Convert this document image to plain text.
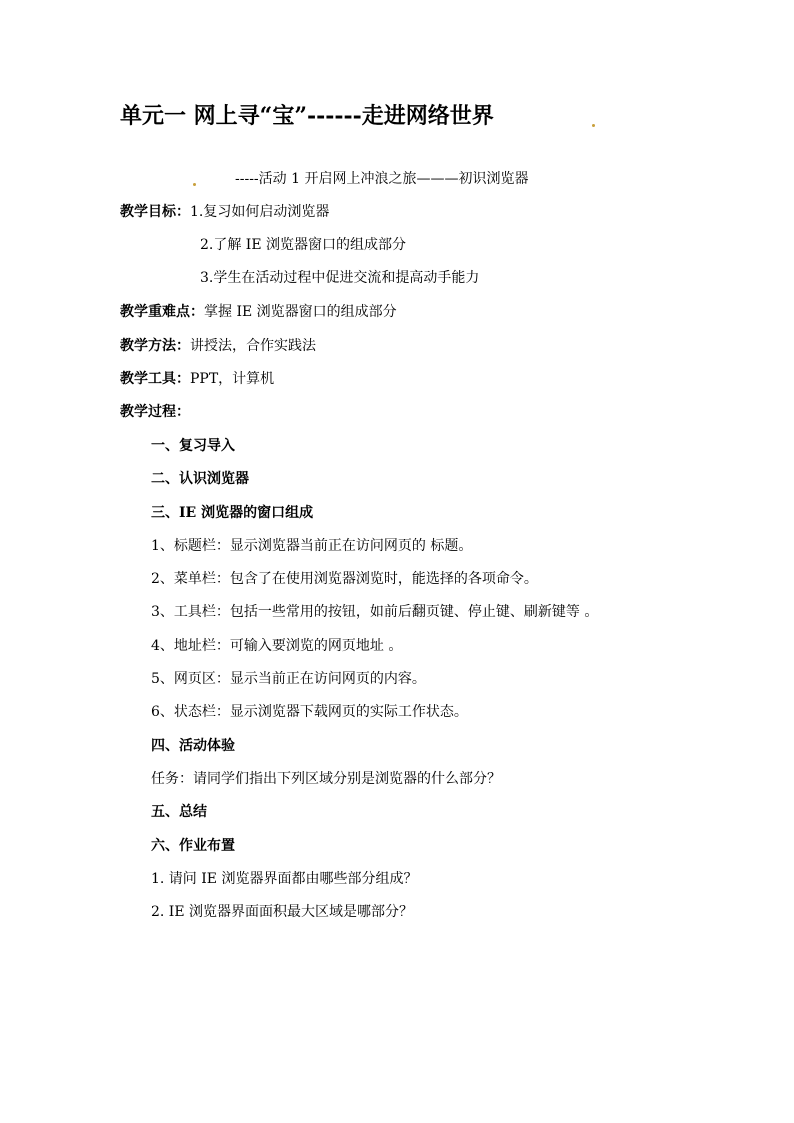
单元一 网上寻“宝”------走进网络世界
-----活动 1 开启网上冲浪之旅———初识浏览器
教学目标：1.复习如何启动浏览器
2.了解 IE 浏览器窗口的组成部分
3.学生在活动过程中促进交流和提高动手能力
教学重难点：掌握 IE 浏览器窗口的组成部分
教学方法：讲授法，合作实践法
教学工具：PPT，计算机
教学过程：
一、复习导入
二、认识浏览器
三、IE 浏览器的窗口组成
1、标题栏：显示浏览器当前正在访问网页的 标题。
2、菜单栏：包含了在使用浏览器浏览时，能选择的各项命令。
3、工具栏：包括一些常用的按钮，如前后翻页键、停止键、刷新键等 。
4、地址栏：可输入要浏览的网页地址 。
5、网页区：显示当前正在访问网页的内容。
6、状态栏：显示浏览器下载网页的实际工作状态。
四、活动体验
任务：请同学们指出下列区域分别是浏览器的什么部分？
五、总结
六、作业布置
1. 请问 IE 浏览器界面都由哪些部分组成？
2. IE 浏览器界面面积最大区域是哪部分？
